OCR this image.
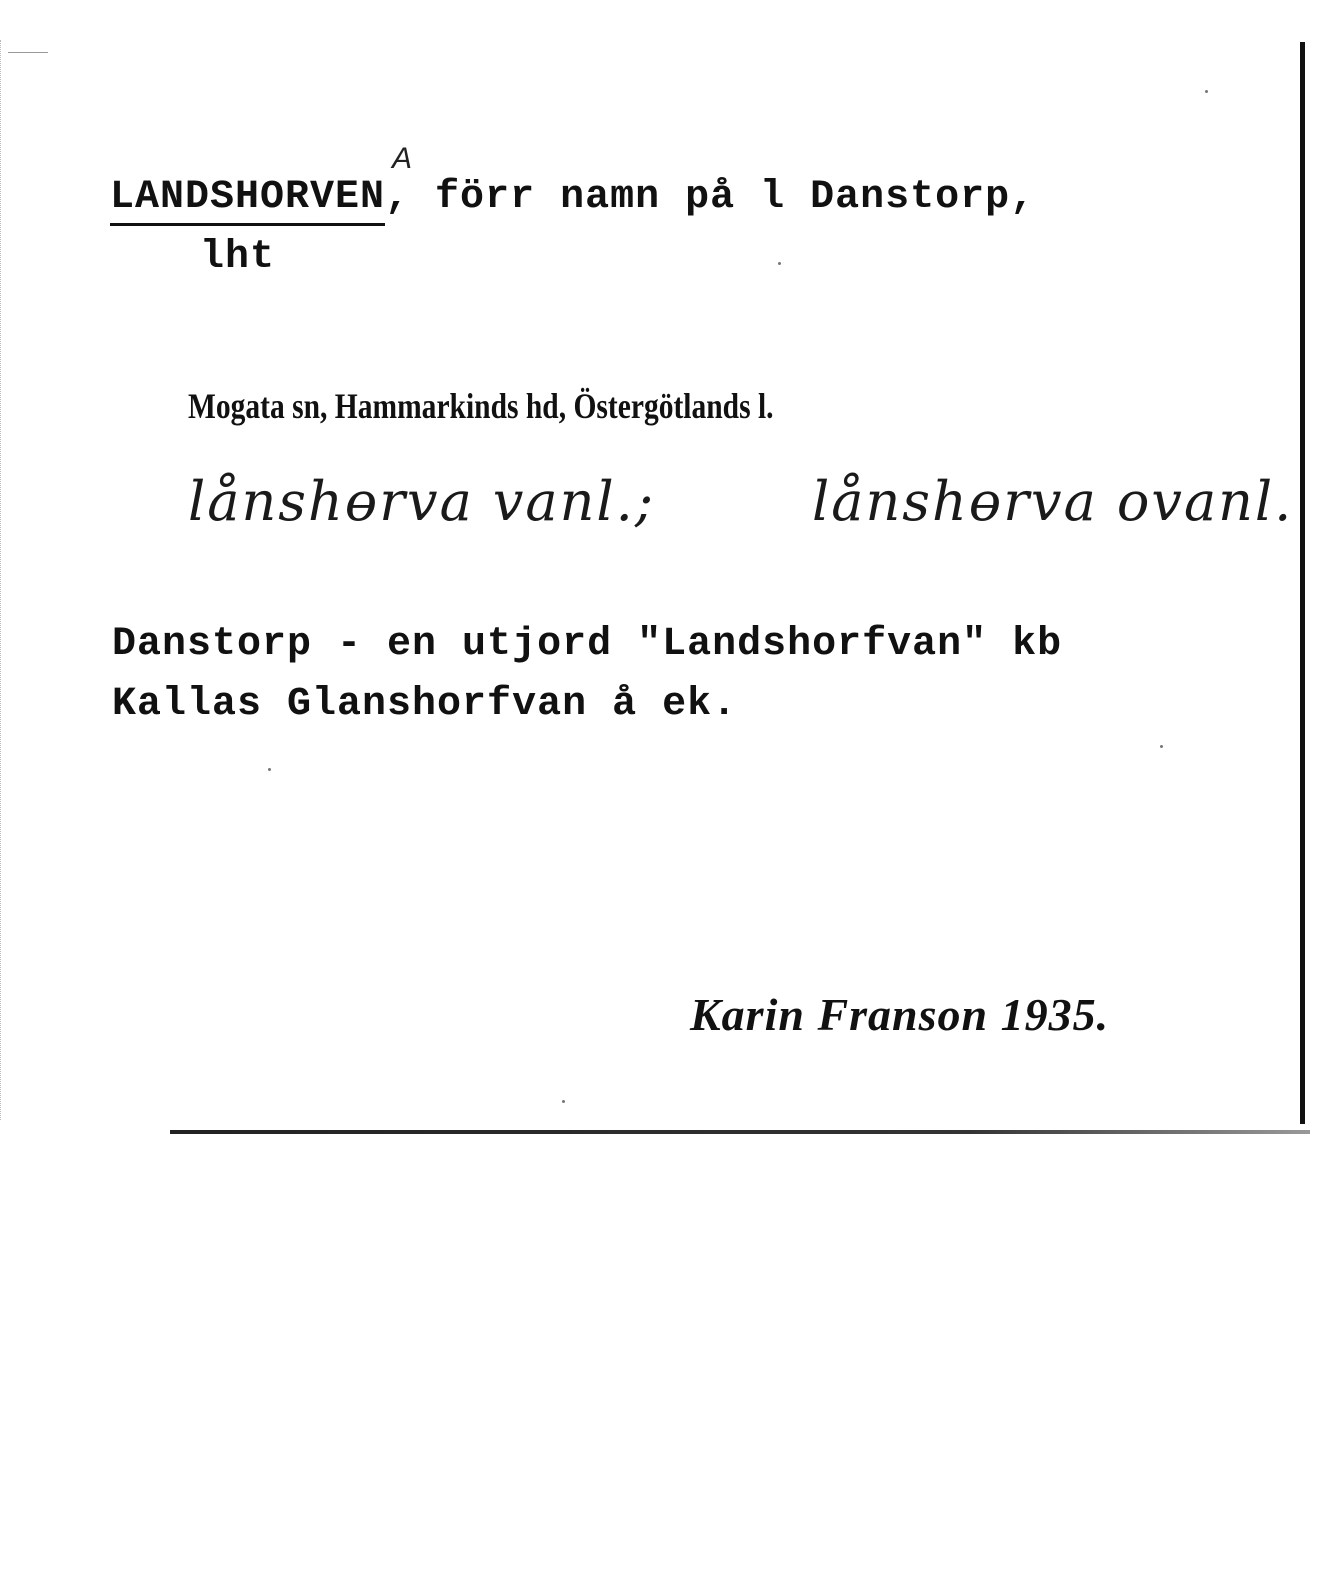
A
LANDSHORVEN
, förr namn på l Danstorp,
lht
Mogata sn, Hammarkinds hd, Östergötlands l.
lånshɵrva vanl.;	lånshɵrva ovanl.
Danstorp - en utjord "Landshorfvan" kb
Kallas Glanshorfvan å ek.
Karin Franson 1935.
